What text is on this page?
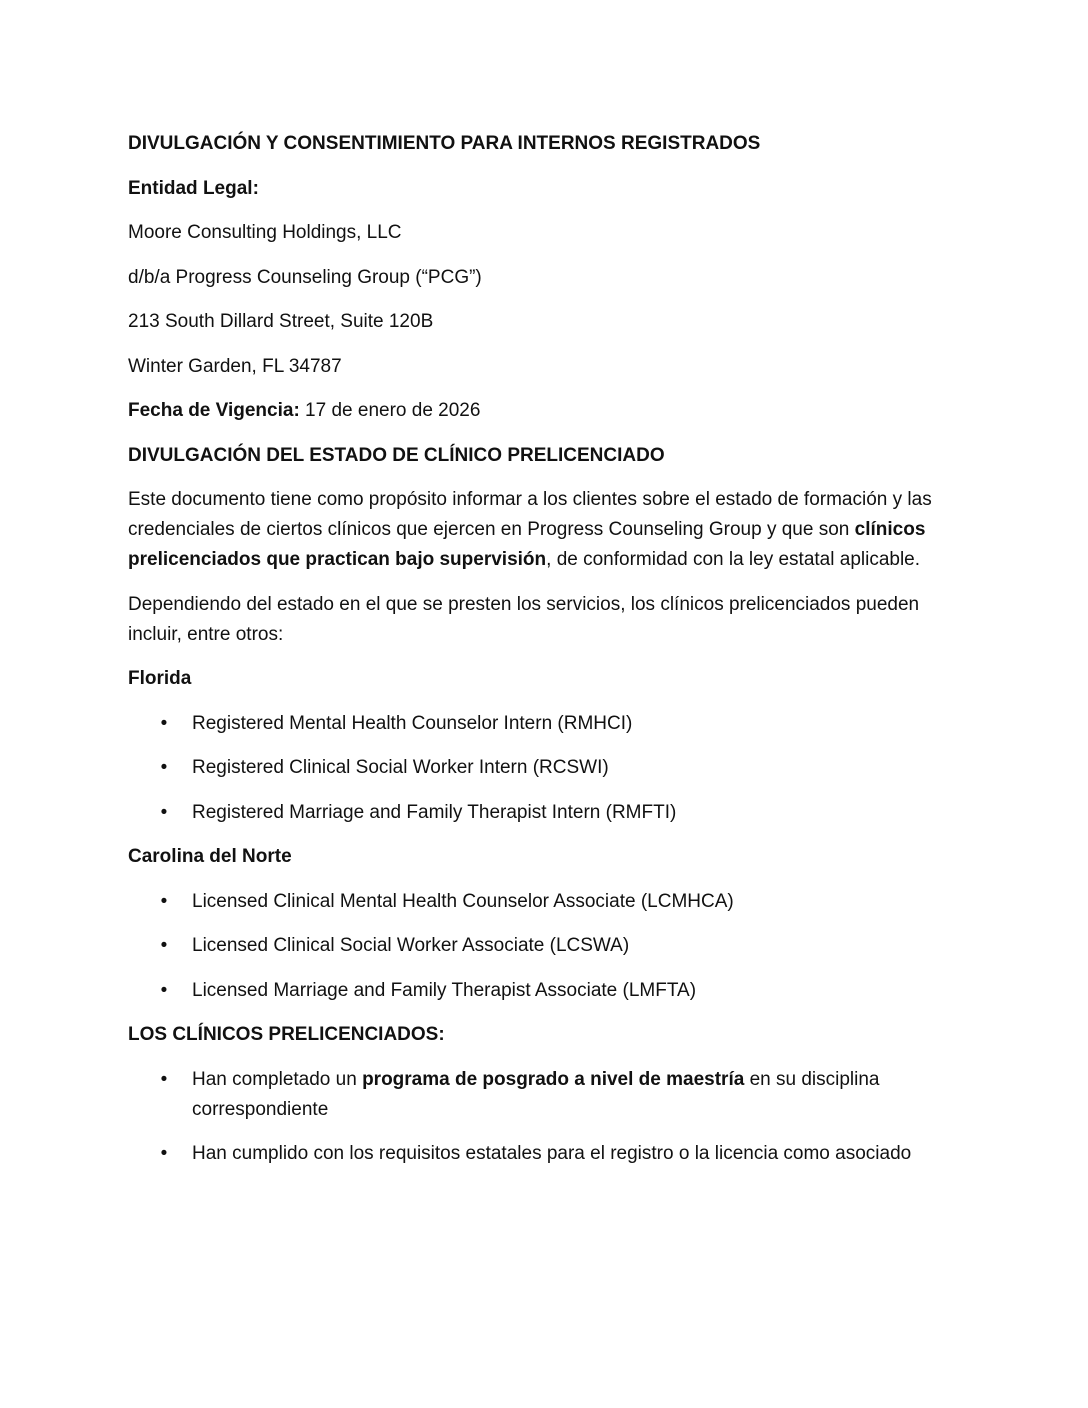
DIVULGACIÓN Y CONSENTIMIENTO PARA INTERNOS REGISTRADOS

Entidad Legal:

Moore Consulting Holdings, LLC

d/b/a Progress Counseling Group (“PCG”)

213 South Dillard Street, Suite 120B

Winter Garden, FL 34787

Fecha de Vigencia: 17 de enero de 2026

DIVULGACIÓN DEL ESTADO DE CLÍNICO PRELICENCIADO

Este documento tiene como propósito informar a los clientes sobre el estado de formación y las credenciales de ciertos clínicos que ejercen en Progress Counseling Group y que son clínicos prelicenciados que practican bajo supervisión, de conformidad con la ley estatal aplicable.

Dependiendo del estado en el que se presten los servicios, los clínicos prelicenciados pueden incluir, entre otros:

Florida

• Registered Mental Health Counselor Intern (RMHCI)
• Registered Clinical Social Worker Intern (RCSWI)
• Registered Marriage and Family Therapist Intern (RMFTI)

Carolina del Norte

• Licensed Clinical Mental Health Counselor Associate (LCMHCA)
• Licensed Clinical Social Worker Associate (LCSWA)
• Licensed Marriage and Family Therapist Associate (LMFTA)

LOS CLÍNICOS PRELICENCIADOS:

• Han completado un programa de posgrado a nivel de maestría en su disciplina correspondiente
• Han cumplido con los requisitos estatales para el registro o la licencia como asociado
